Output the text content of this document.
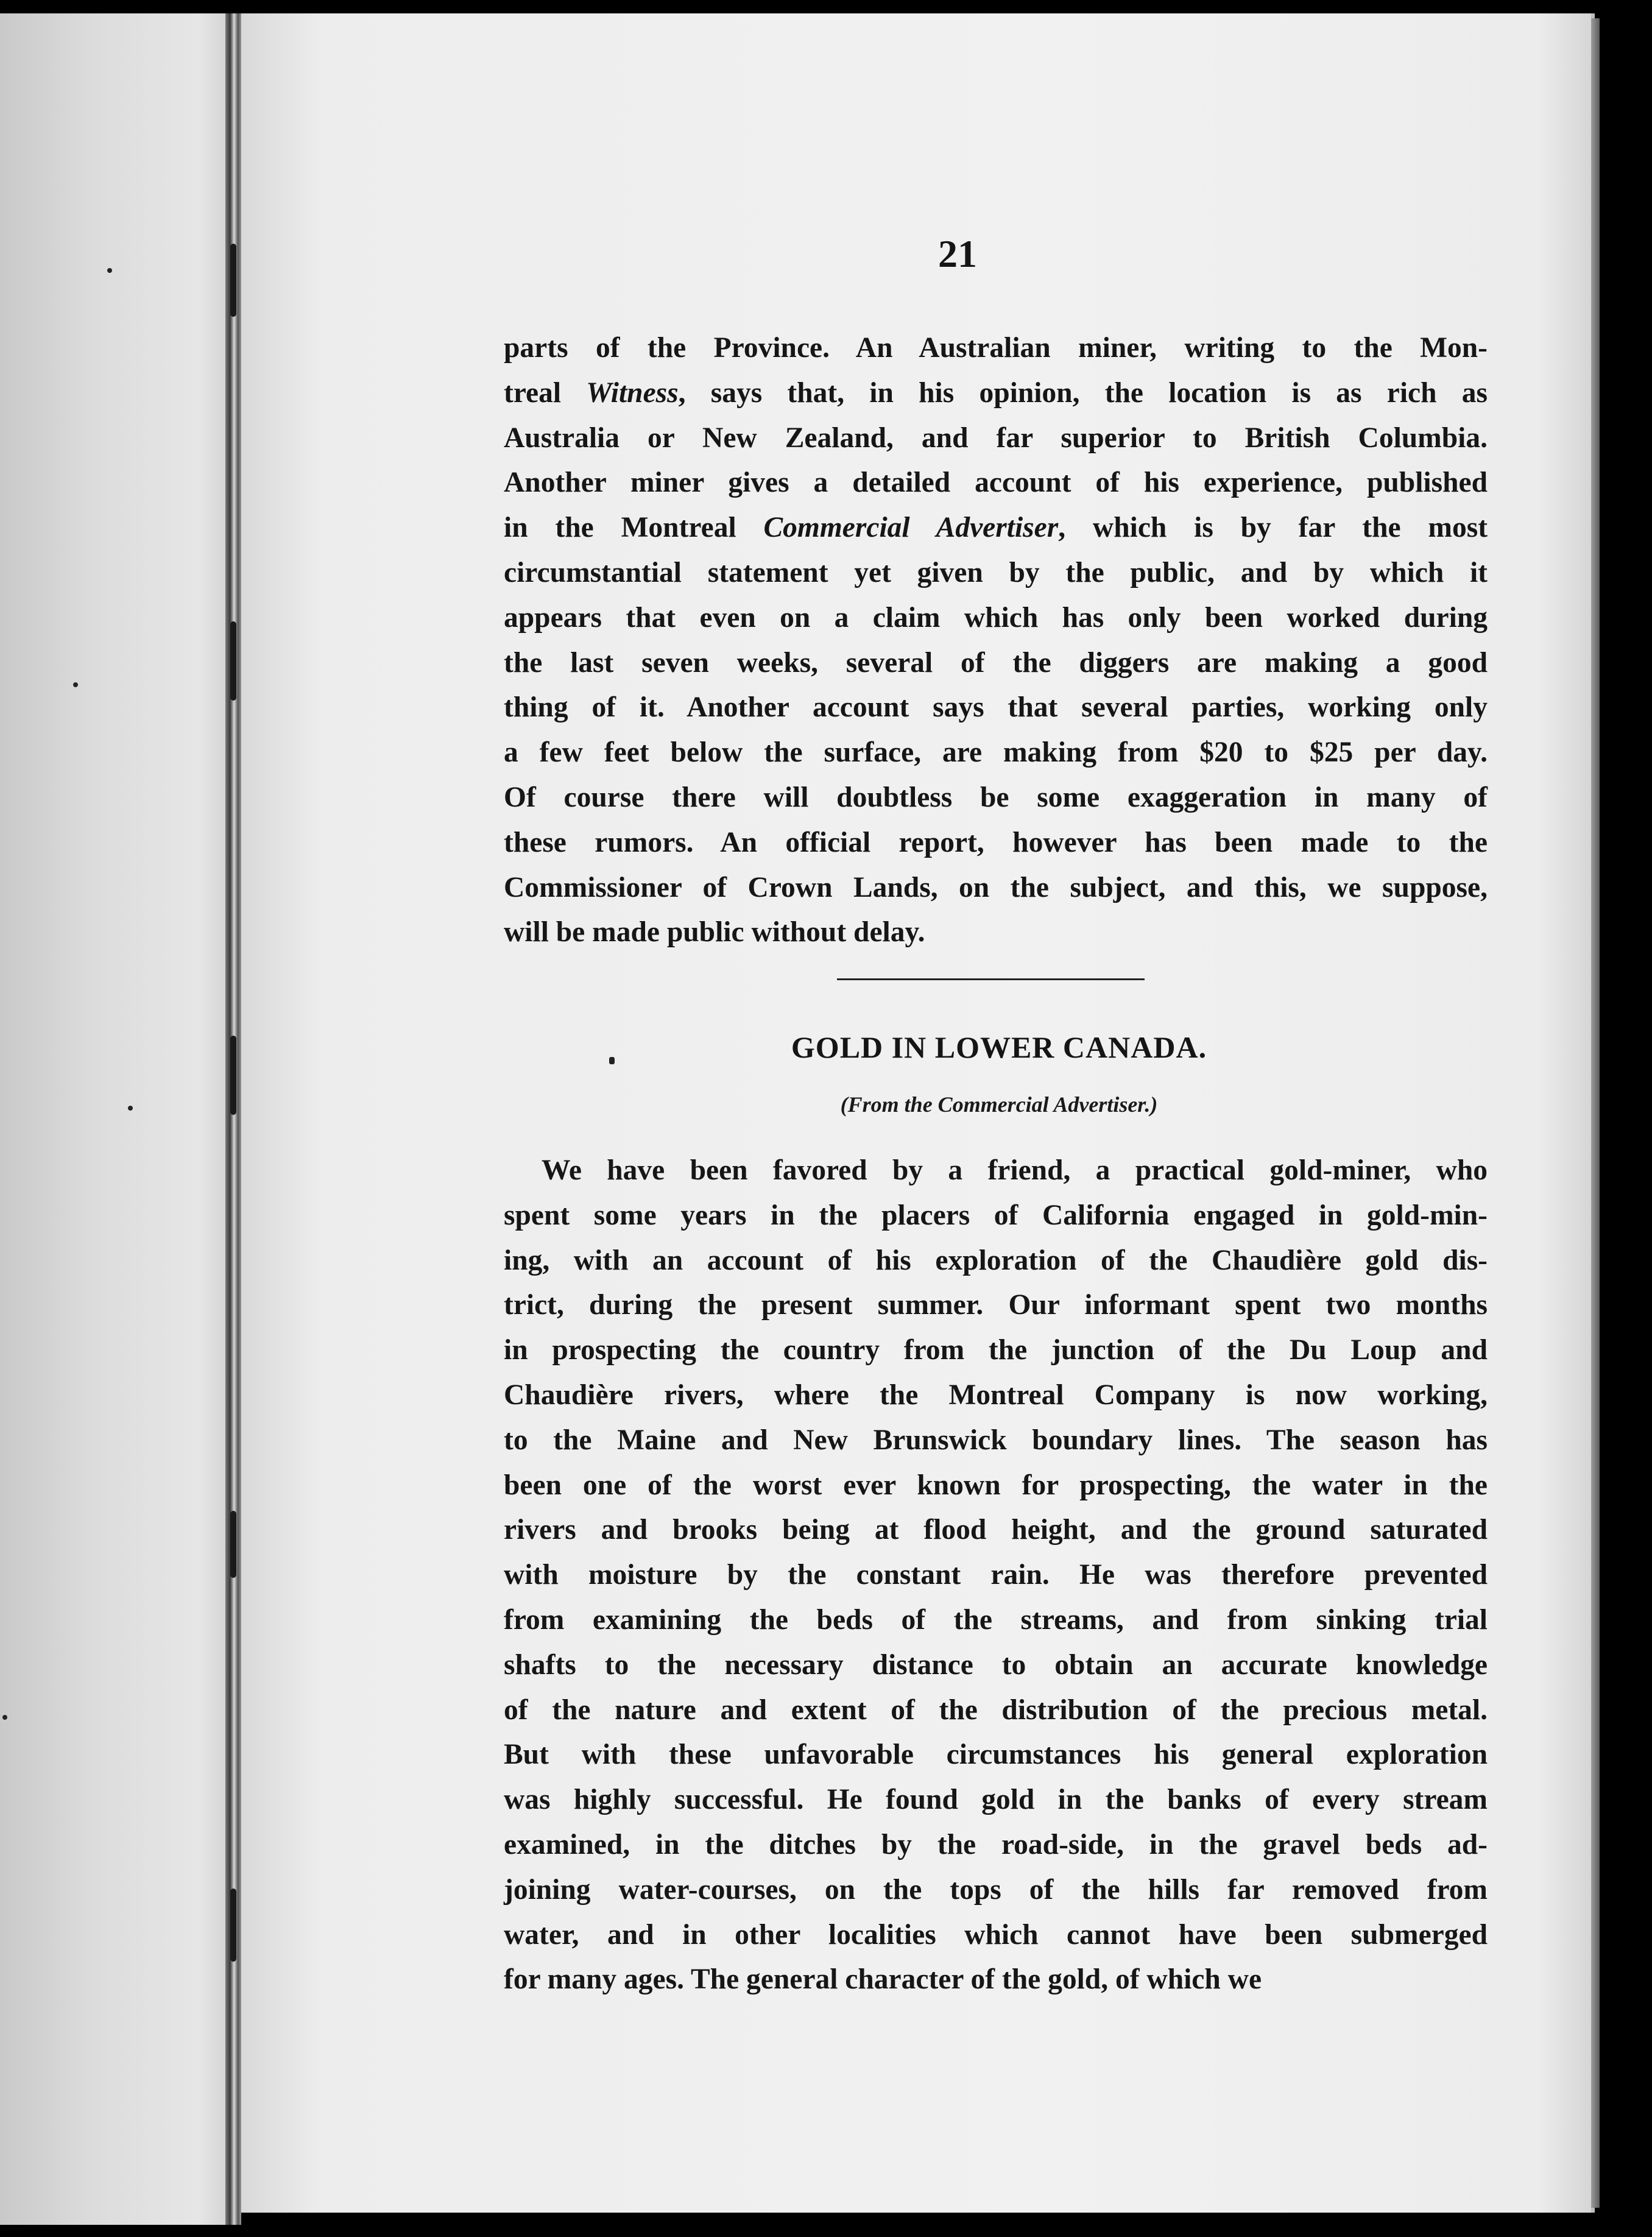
21
parts of the Province. An Australian miner, writing to the Mon-
treal Witness, says that, in his opinion, the location is as rich as
Australia or New Zealand, and far superior to British Columbia.
Another miner gives a detailed account of his experience, published
in the Montreal Commercial Advertiser, which is by far the most
circumstantial statement yet given by the public, and by which it
appears that even on a claim which has only been worked during
the last seven weeks, several of the diggers are making a good
thing of it. Another account says that several parties, working only
a few feet below the surface, are making from $20 to $25 per day.
Of course there will doubtless be some exaggeration in many of
these rumors. An official report, however has been made to the
Commissioner of Crown Lands, on the subject, and this, we suppose,
will be made public without delay.
GOLD IN LOWER CANADA.
(From the Commercial Advertiser.)
We have been favored by a friend, a practical gold-miner, who
spent some years in the placers of California engaged in gold-min-
ing, with an account of his exploration of the Chaudière gold dis-
trict, during the present summer. Our informant spent two months
in prospecting the country from the junction of the Du Loup and
Chaudière rivers, where the Montreal Company is now working,
to the Maine and New Brunswick boundary lines. The season has
been one of the worst ever known for prospecting, the water in the
rivers and brooks being at flood height, and the ground saturated
with moisture by the constant rain. He was therefore prevented
from examining the beds of the streams, and from sinking trial
shafts to the necessary distance to obtain an accurate knowledge
of the nature and extent of the distribution of the precious metal.
But with these unfavorable circumstances his general exploration
was highly successful. He found gold in the banks of every stream
examined, in the ditches by the road-side, in the gravel beds ad-
joining water-courses, on the tops of the hills far removed from
water, and in other localities which cannot have been submerged
for many ages. The general character of the gold, of which we
